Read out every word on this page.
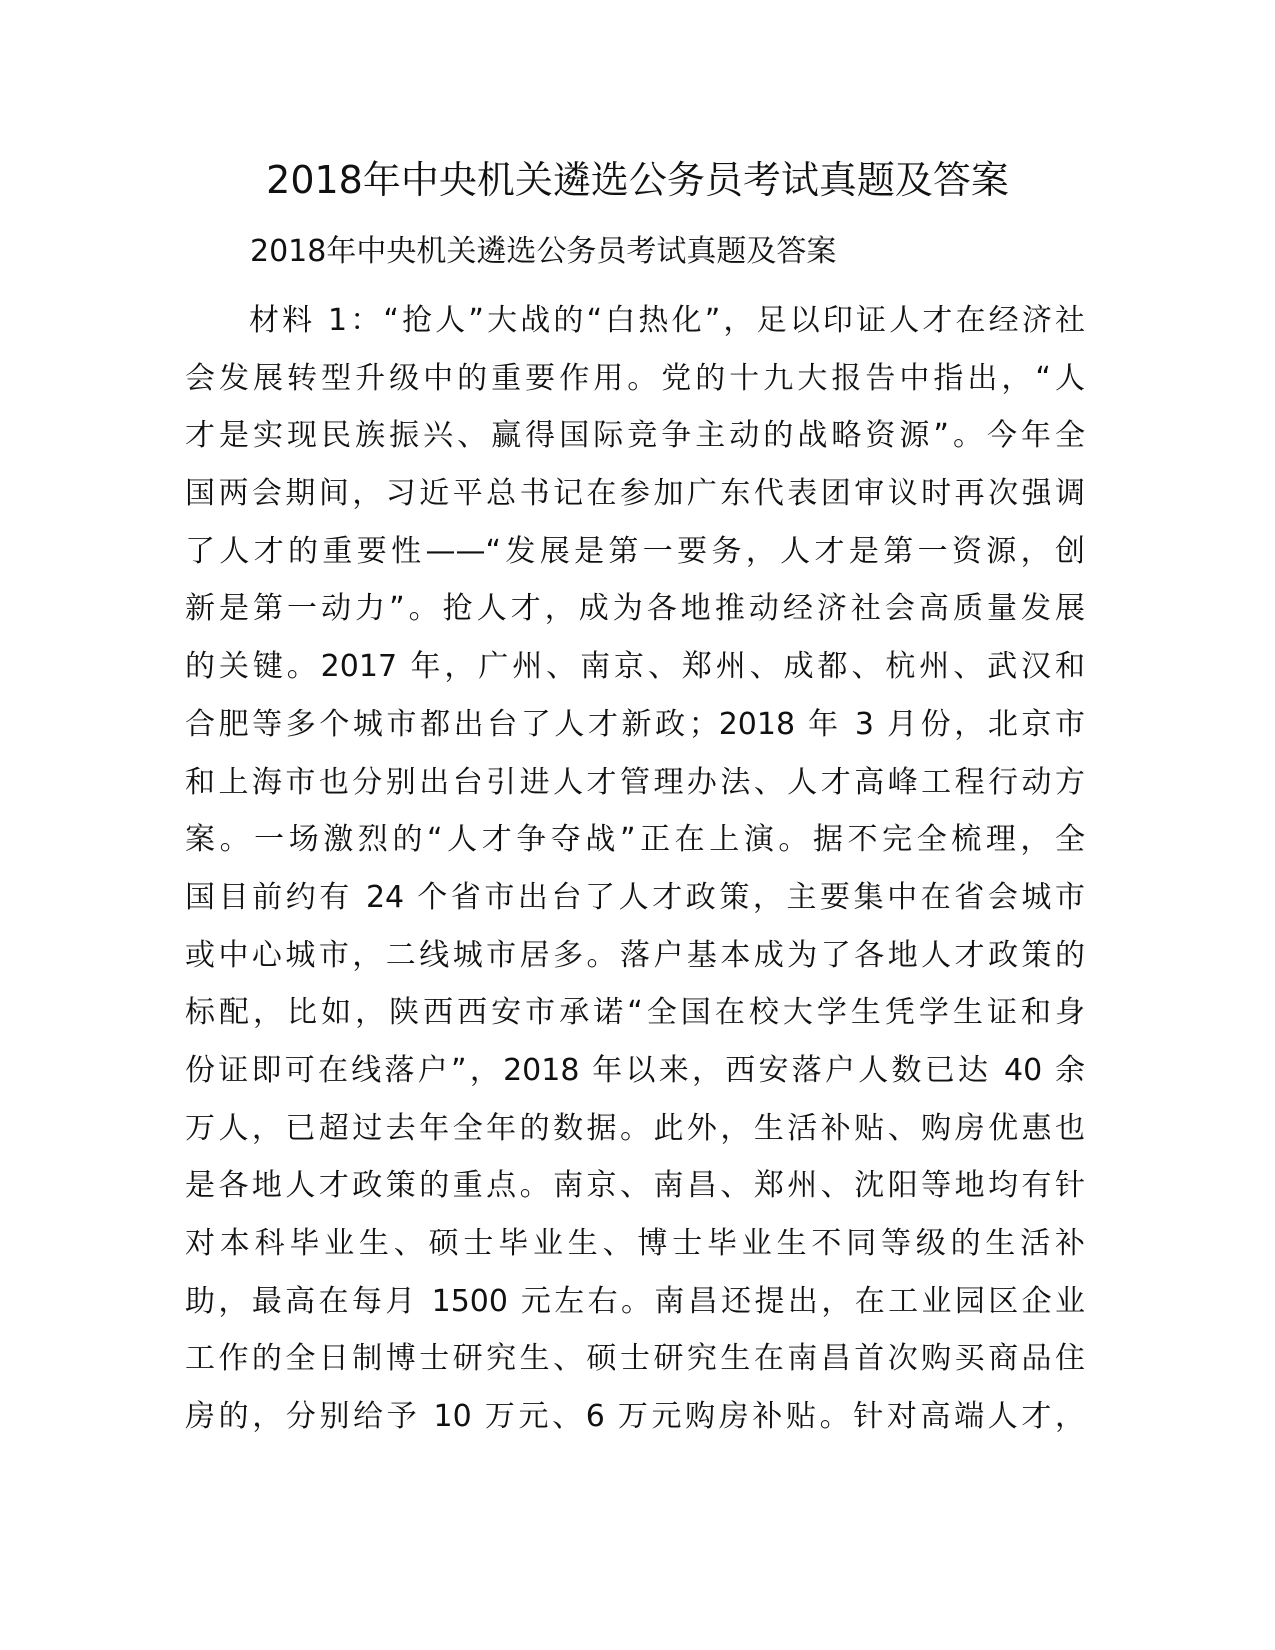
2018年中央机关遴选公务员考试真题及答案

2018年中央机关遴选公务员考试真题及答案

材料 1：“抢人”大战的“白热化”，足以印证人才在经济社
会发展转型升级中的重要作用。党的十九大报告中指出，“人
才是实现民族振兴、赢得国际竞争主动的战略资源”。今年全
国两会期间，习近平总书记在参加广东代表团审议时再次强调
了人才的重要性——“发展是第一要务，人才是第一资源，创
新是第一动力”。抢人才，成为各地推动经济社会高质量发展
的关键。2017 年，广州、南京、郑州、成都、杭州、武汉和
合肥等多个城市都出台了人才新政；2018 年 3 月份，北京市
和上海市也分别出台引进人才管理办法、人才高峰工程行动方
案。一场激烈的“人才争夺战”正在上演。据不完全梳理，全
国目前约有 24 个省市出台了人才政策，主要集中在省会城市
或中心城市，二线城市居多。落户基本成为了各地人才政策的
标配，比如，陕西西安市承诺“全国在校大学生凭学生证和身
份证即可在线落户”，2018 年以来，西安落户人数已达 40 余
万人，已超过去年全年的数据。此外，生活补贴、购房优惠也
是各地人才政策的重点。南京、南昌、郑州、沈阳等地均有针
对本科毕业生、硕士毕业生、博士毕业生不同等级的生活补
助，最高在每月 1500 元左右。南昌还提出，在工业园区企业
工作的全日制博士研究生、硕士研究生在南昌首次购买商品住
房的，分别给予 10 万元、6 万元购房补贴。针对高端人才，
